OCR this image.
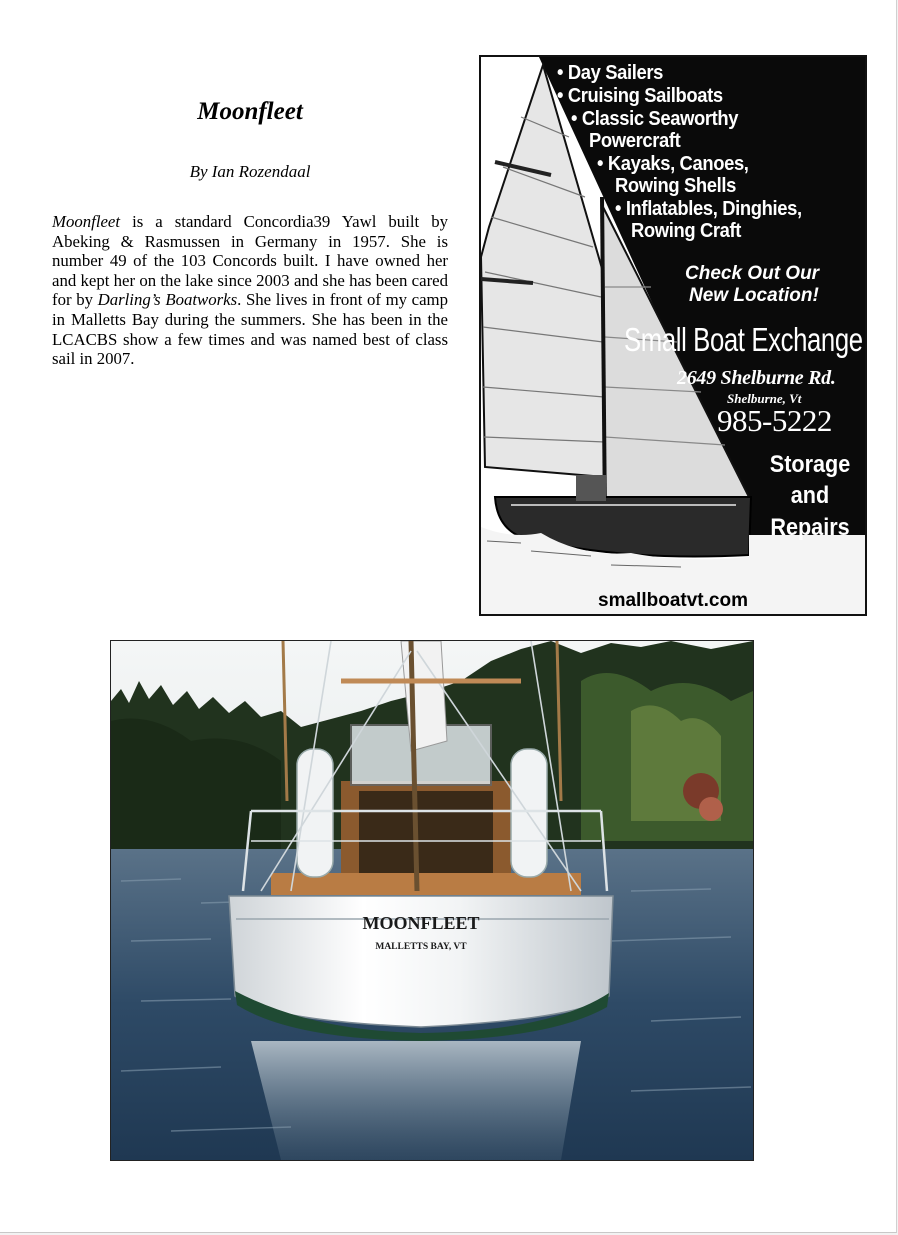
Moonfleet
By Ian Rozendaal

Moonfleet is a standard Concordia39 Yawl built by Abeking & Rasmussen in Germany in 1957. She is number 49 of the 103 Concords built. I have owned her and kept her on the lake since 2003 and she has been cared for by Darling’s Boatworks. She lives in front of my camp in Malletts Bay during the summers. She has been in the LCACBS show a few times and was named best of class sail in 2007.

• Day Sailers
• Cruising Sailboats
• Classic Seaworthy
Powercraft
• Kayaks, Canoes,
Rowing Shells
• Inflatables, Dinghies,
Rowing Craft
Check Out Our
New Location!
Small Boat Exchange
2649 Shelburne Rd.
Shelburne, Vt
985-5222
Storage
and
Repairs
smallboatvt.com
MOONFLEET
MALLETTS BAY, VT
